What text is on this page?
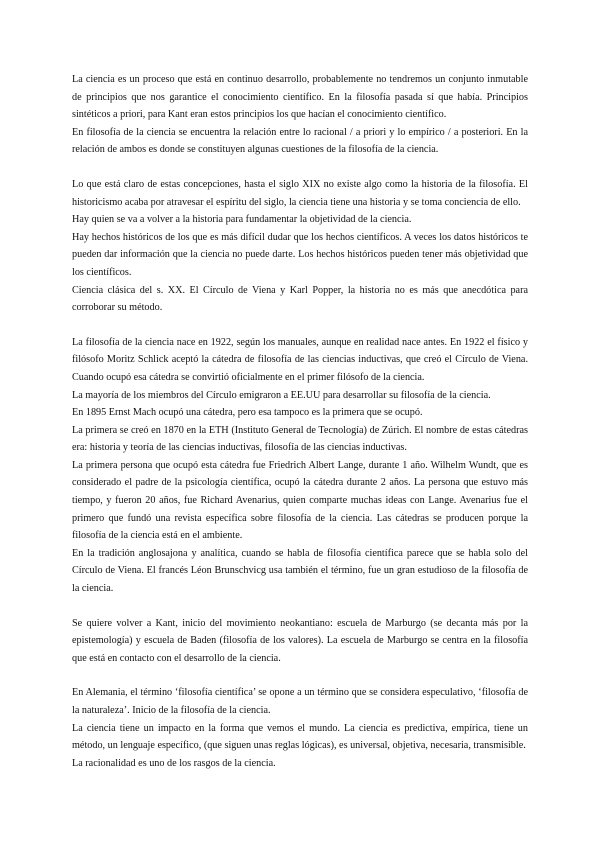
La ciencia es un proceso que está en continuo desarrollo, probablemente no tendremos un conjunto inmutable de principios que nos garantice el conocimiento científico. En la filosofía pasada sí que había. Principios sintéticos a priori, para Kant eran estos principios los que hacían el conocimiento científico.

En filosofía de la ciencia se encuentra la relación entre lo racional / a priori y lo empírico / a posteriori. En la relación de ambos es donde se constituyen algunas cuestiones de la filosofía de la ciencia.

Lo que está claro de estas concepciones, hasta el siglo XIX no existe algo como la historia de la filosofía. El historicismo acaba por atravesar el espíritu del siglo, la ciencia tiene una historia y se toma conciencia de ello.

Hay quien se va a volver a la historia para fundamentar la objetividad de la ciencia.

Hay hechos históricos de los que es más difícil dudar que los hechos científicos. A veces los datos históricos te pueden dar información que la ciencia no puede darte. Los hechos históricos pueden tener más objetividad que los científicos.

Ciencia clásica del s. XX. El Círculo de Viena y Karl Popper, la historia no es más que anecdótica para corroborar su método.

La filosofía de la ciencia nace en 1922, según los manuales, aunque en realidad nace antes. En 1922 el físico y filósofo Moritz Schlick aceptó la cátedra de filosofía de las ciencias inductivas, que creó el Círculo de Viena. Cuando ocupó esa cátedra se convirtió oficialmente en el primer filósofo de la ciencia.

La mayoría de los miembros del Círculo emigraron a EE.UU para desarrollar su filosofía de la ciencia.

En 1895 Ernst Mach ocupó una cátedra, pero esa tampoco es la primera que se ocupó.

La primera se creó en 1870 en la ETH (Instituto General de Tecnología) de Zúrich. El nombre de estas cátedras era: historia y teoría de las ciencias inductivas, filosofía de las ciencias inductivas.

La primera persona que ocupó esta cátedra fue Friedrich Albert Lange, durante 1 año. Wilhelm Wundt, que es considerado el padre de la psicología científica, ocupó la cátedra durante 2 años. La persona que estuvo más tiempo, y fueron 20 años, fue Richard Avenarius, quien comparte muchas ideas con Lange. Avenarius fue el primero que fundó una revista específica sobre filosofía de la ciencia. Las cátedras se producen porque la filosofía de la ciencia está en el ambiente.

En la tradición anglosajona y analítica, cuando se habla de filosofía científica parece que se habla solo del Círculo de Viena. El francés Léon Brunschvicg usa también el término, fue un gran estudioso de la filosofía de la ciencia.

Se quiere volver a Kant, inicio del movimiento neokantiano: escuela de Marburgo (se decanta más por la epistemología) y escuela de Baden (filosofía de los valores). La escuela de Marburgo se centra en la filosofía que está en contacto con el desarrollo de la ciencia.

En Alemania, el término ‘filosofía científica’ se opone a un término que se considera especulativo, ‘filosofía de la naturaleza’. Inicio de la filosofía de la ciencia.

La ciencia tiene un impacto en la forma que vemos el mundo. La ciencia es predictiva, empírica, tiene un método, un lenguaje específico, (que siguen unas reglas lógicas), es universal, objetiva, necesaria, transmisible.

La racionalidad es uno de los rasgos de la ciencia.
